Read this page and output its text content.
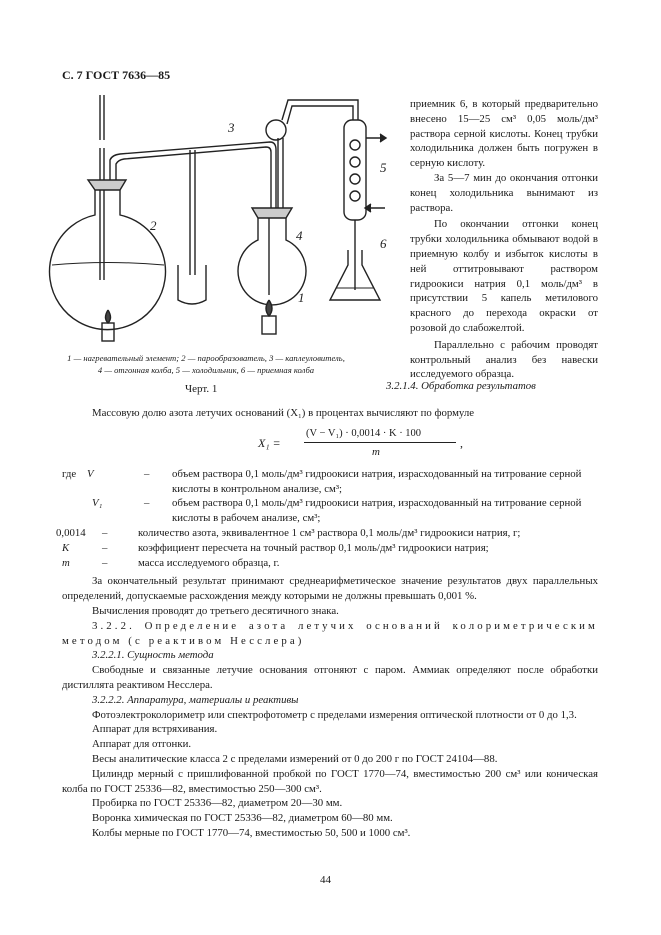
С. 7 ГОСТ 7636—85
1
2
3
4
5
6
1 — нагревательный элемент; 2 — парообразователь, 3 — каплеуловитель,
4 — отгонная колба, 5 — холодильник, 6 — приемная колба
Черт. 1

приемник 6, в который предварительно внесено 15—25 см³ 0,05 моль/дм³ раствора серной кислоты. Конец трубки холодильника должен быть погружен в серную кислоту.

За 5—7 мин до окончания отгонки конец холодильника вынимают из раствора.

По окончании отгонки конец трубки холодильника обмывают водой в приемную колбу и избыток кислоты в ней оттитровывают раствором гидроокиси натрия 0,1 моль/дм³ в присутствии 5 капель метилового красного до перехода окраски от розовой до слабожелтой.

Параллельно с рабочим проводят контрольный анализ без навески исследуемого образца.

3.2.1.4. Обработка результатов

Массовую долю азота летучих оснований (X₁) в процентах вычисляют по формуле

X₁ =
(V − V₁) · 0,0014 · K · 100
m
,
где V	– объем раствора 0,1 моль/дм³ гидроокиси натрия, израсходованный на титрование серной кислоты в контрольном анализе, см³;
V₁	– объем раствора 0,1 моль/дм³ гидроокиси натрия, израсходованный на титрование серной кислоты в рабочем анализе, см³;
0,0014	–	количество азота, эквивалентное 1 см³ раствора 0,1 моль/дм³ гидроокиси натрия, г;
K	–	коэффициент пересчета на точный раствор 0,1 моль/дм³ гидроокиси натрия;
m	–	масса исследуемого образца, г.

За окончательный результат принимают среднеарифметическое значение результатов двух параллельных определений, допускаемые расхождения между которыми не должны превышать 0,001 %.

Вычисления проводят до третьего десятичного знака.

3.2.2. Определение азота летучих оснований колориметрическим методом (с реактивом Несслера)

3.2.2.1. Сущность метода

Свободные и связанные летучие основания отгоняют с паром. Аммиак определяют после обработки дистиллята реактивом Несслера.

3.2.2.2. Аппаратура, материалы и реактивы

Фотоэлектроколориметр или спектрофотометр с пределами измерения оптической плотности от 0 до 1,3.

Аппарат для встряхивания.

Аппарат для отгонки.

Весы аналитические класса 2 с пределами измерений от 0 до 200 г по ГОСТ 24104—88.

Цилиндр мерный с пришлифованной пробкой по ГОСТ 1770—74, вместимостью 200 см³ или коническая колба по ГОСТ 25336—82, вместимостью 250—300 см³.

Пробирка по ГОСТ 25336—82, диаметром 20—30 мм.

Воронка химическая по ГОСТ 25336—82, диаметром 60—80 мм.

Колбы мерные по ГОСТ 1770—74, вместимостью 50, 500 и 1000 см³.

44
